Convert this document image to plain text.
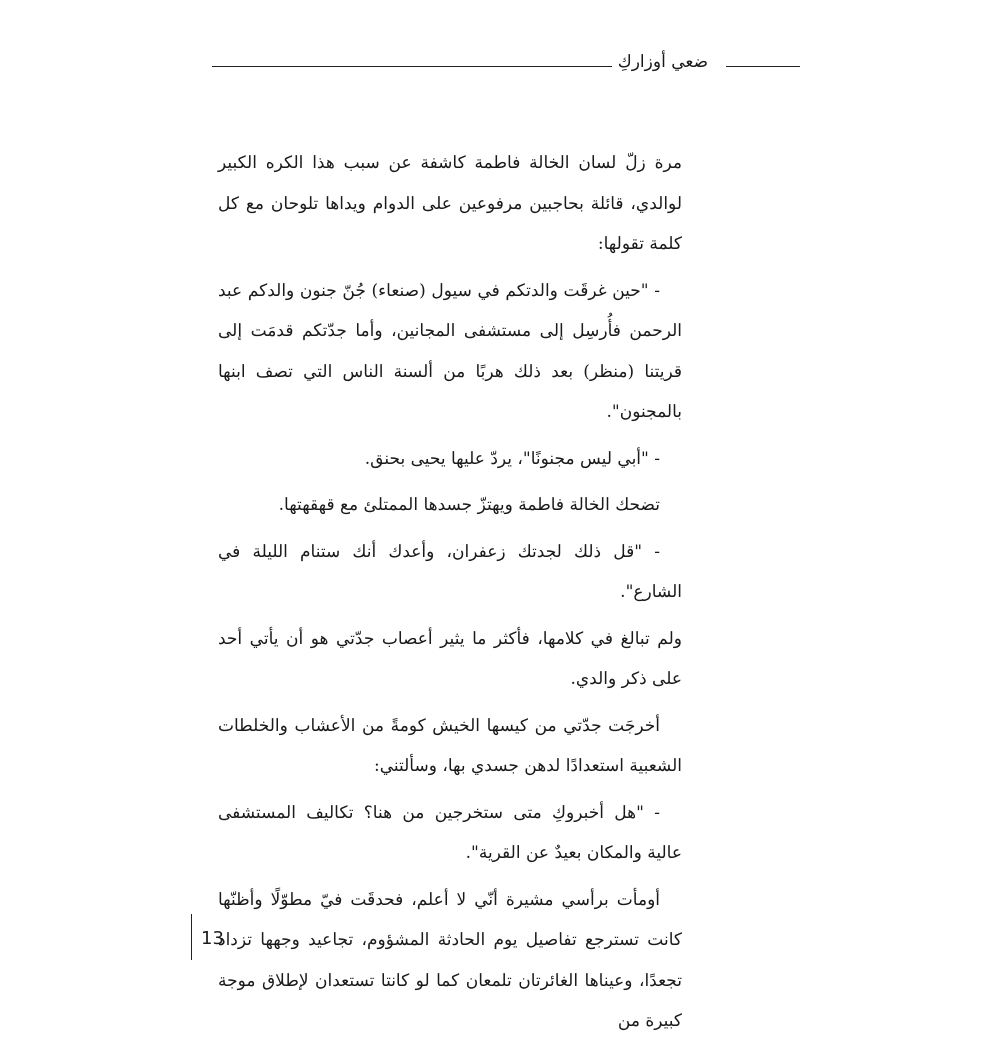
ضعي أوزاركِ

مرة زلّ لسان الخالة فاطمة كاشفة عن سبب هذا الكره الكبير لوالدي، قائلة بحاجبين مرفوعين على الدوام ويداها تلوحان مع كل كلمة تقولها:

- "حين غرقَت والدتكم في سيول (صنعاء) جُنّ جنون والدكم عبد الرحمن فأُرسِل إلى مستشفى المجانين، وأما جدّتكم قدمَت إلى قريتنا (منظر) بعد ذلك هربًا من ألسنة الناس التي تصف ابنها بالمجنون".

- "أبي ليس مجنونًا"، يردّ عليها يحيى بحنق.

تضحك الخالة فاطمة ويهتزّ جسدها الممتلئ مع قهقهتها.

- "قل ذلك لجدتك زعفران، وأعدك أنك ستنام الليلة في الشارع".

ولم تبالغ في كلامها، فأكثر ما يثير أعصاب جدّتي هو أن يأتي أحد على ذكر والدي.

أخرجَت جدّتي من كيسها الخيش كومةً من الأعشاب والخلطات الشعبية استعدادًا لدهن جسدي بها، وسألتني:

- "هل أخبروكِ متى ستخرجين من هنا؟ تكاليف المستشفى عالية والمكان بعيدٌ عن القرية".

أومأت برأسي مشيرة أنّي لا أعلم، فحدقَت فيّ مطوّلًا وأظنّها كانت تسترجع تفاصيل يوم الحادثة المشؤوم، تجاعيد وجهها تزداد تجعدًا، وعيناها الغائرتان تلمعان كما لو كانتا تستعدان لإطلاق موجة كبيرة من

13
